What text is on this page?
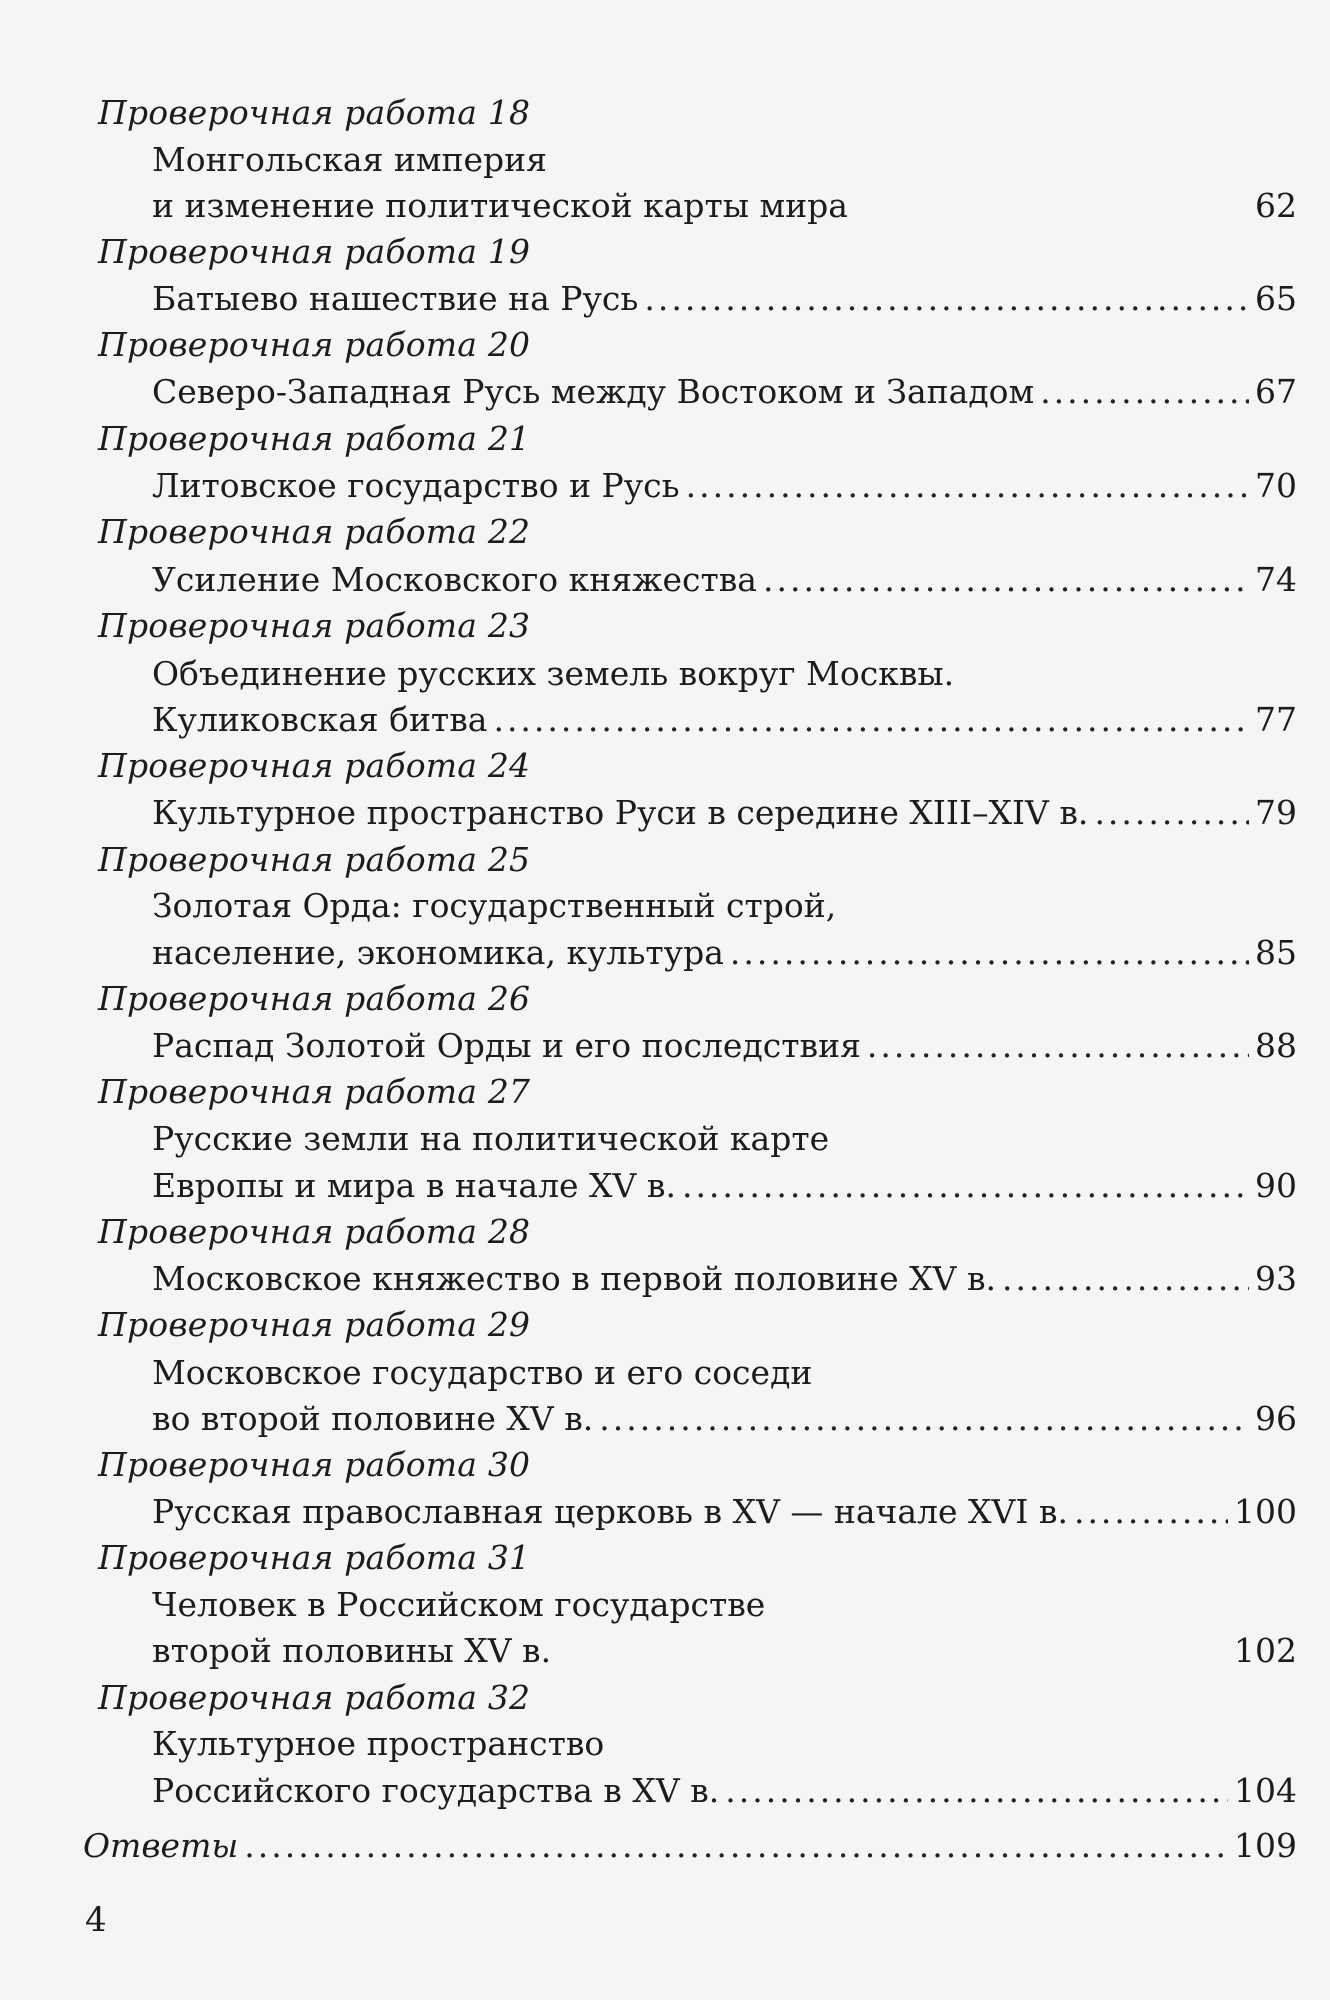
Проверочная работа 18
Монгольская империя
и изменение политической карты мира	62
Проверочная работа 19
Батыево нашествие на Русь .....	65
Проверочная работа 20
Северо-Западная Русь между Востоком и Западом .....	67
Проверочная работа 21
Литовское государство и Русь .....	70
Проверочная работа 22
Усиление Московского княжества .....	74
Проверочная работа 23
Объединение русских земель вокруг Москвы.
Куликовская битва .....	77
Проверочная работа 24
Культурное пространство Руси в середине XIII–XIV в. .....	79
Проверочная работа 25
Золотая Орда: государственный строй,
население, экономика, культура .....	85
Проверочная работа 26
Распад Золотой Орды и его последствия .....	88
Проверочная работа 27
Русские земли на политической карте
Европы и мира в начале XV в. .....	90
Проверочная работа 28
Московское княжество в первой половине XV в. .....	93
Проверочная работа 29
Московское государство и его соседи
во второй половине XV в. .....	96
Проверочная работа 30
Русская православная церковь в XV — начале XVI в. .....	100
Проверочная работа 31
Человек в Российском государстве
второй половины XV в.	102
Проверочная работа 32
Культурное пространство
Российского государства в XV в. .....	104
Ответы .....	109
4
